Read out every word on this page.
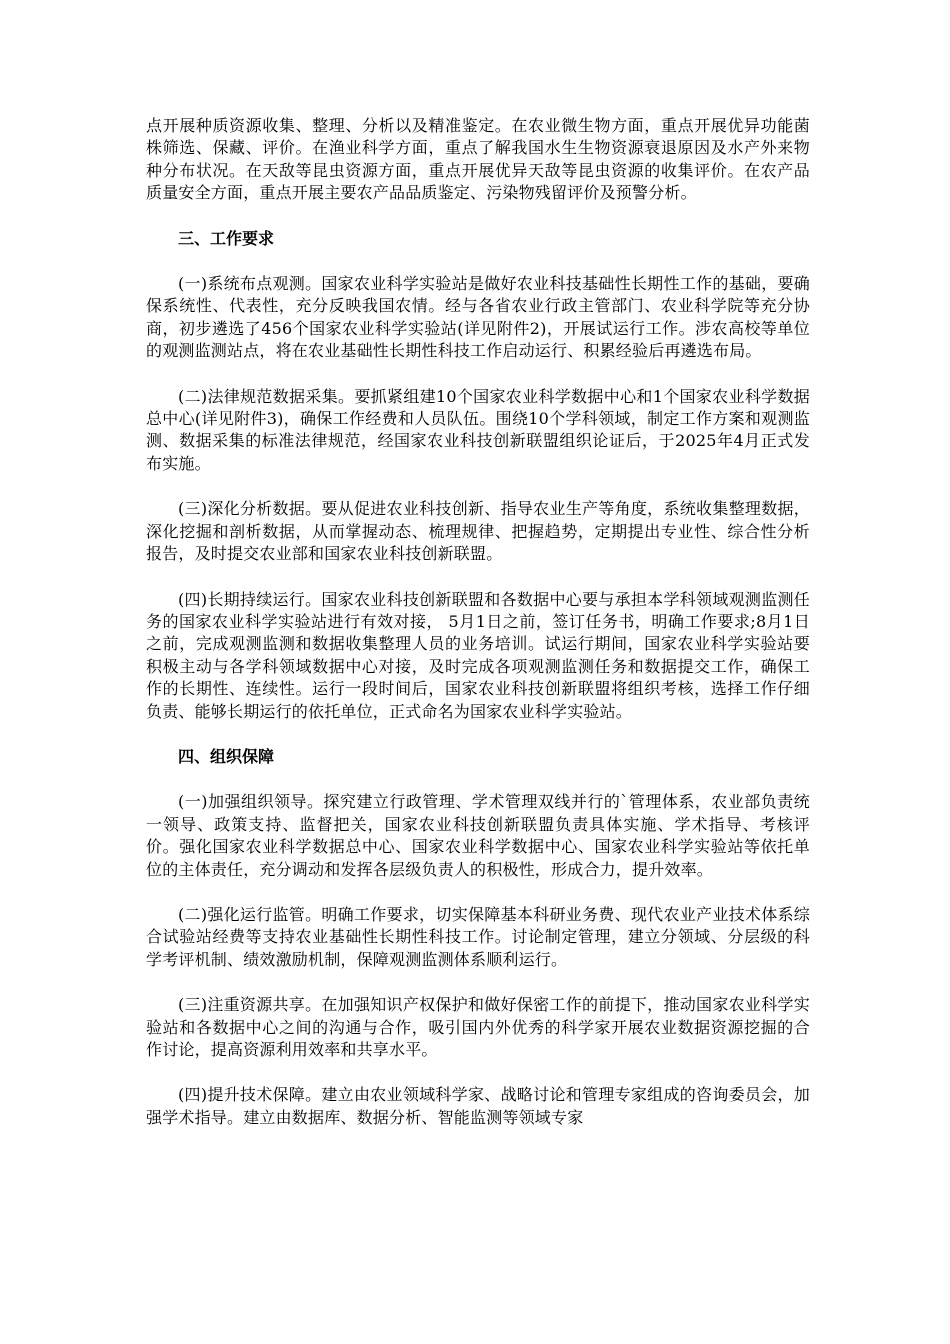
点开展种质资源收集、整理、分析以及精准鉴定。在农业微生物方面，重点开展优异功能菌株筛选、保藏、评价。在渔业科学方面，重点了解我国水生生物资源衰退原因及水产外来物种分布状况。在天敌等昆虫资源方面，重点开展优异天敌等昆虫资源的收集评价。在农产品质量安全方面，重点开展主要农产品品质鉴定、污染物残留评价及预警分析。

三、工作要求

(一)系统布点观测。国家农业科学实验站是做好农业科技基础性长期性工作的基础，要确保系统性、代表性，充分反映我国农情。经与各省农业行政主管部门、农业科学院等充分协商，初步遴选了456个国家农业科学实验站(详见附件2)，开展试运行工作。涉农高校等单位的观测监测站点，将在农业基础性长期性科技工作启动运行、积累经验后再遴选布局。

(二)法律规范数据采集。要抓紧组建10个国家农业科学数据中心和1个国家农业科学数据总中心(详见附件3)，确保工作经费和人员队伍。围绕10个学科领域，制定工作方案和观测监测、数据采集的标准法律规范，经国家农业科技创新联盟组织论证后，于2025年4月正式发布实施。

(三)深化分析数据。要从促进农业科技创新、指导农业生产等角度，系统收集整理数据，深化挖掘和剖析数据，从而掌握动态、梳理规律、把握趋势，定期提出专业性、综合性分析报告，及时提交农业部和国家农业科技创新联盟。

(四)长期持续运行。国家农业科技创新联盟和各数据中心要与承担本学科领域观测监测任务的国家农业科学实验站进行有效对接， 5月1日之前，签订任务书，明确工作要求;8月1日之前，完成观测监测和数据收集整理人员的业务培训。试运行期间，国家农业科学实验站要积极主动与各学科领域数据中心对接，及时完成各项观测监测任务和数据提交工作，确保工作的长期性、连续性。运行一段时间后，国家农业科技创新联盟将组织考核，选择工作仔细负责、能够长期运行的依托单位，正式命名为国家农业科学实验站。

四、组织保障

(一)加强组织领导。探究建立行政管理、学术管理双线并行的`管理体系，农业部负责统一领导、政策支持、监督把关，国家农业科技创新联盟负责具体实施、学术指导、考核评价。强化国家农业科学数据总中心、国家农业科学数据中心、国家农业科学实验站等依托单位的主体责任，充分调动和发挥各层级负责人的积极性，形成合力，提升效率。

(二)强化运行监管。明确工作要求，切实保障基本科研业务费、现代农业产业技术体系综合试验站经费等支持农业基础性长期性科技工作。讨论制定管理，建立分领域、分层级的科学考评机制、绩效激励机制，保障观测监测体系顺利运行。

(三)注重资源共享。在加强知识产权保护和做好保密工作的前提下，推动国家农业科学实验站和各数据中心之间的沟通与合作，吸引国内外优秀的科学家开展农业数据资源挖掘的合作讨论，提高资源利用效率和共享水平。

(四)提升技术保障。建立由农业领域科学家、战略讨论和管理专家组成的咨询委员会，加强学术指导。建立由数据库、数据分析、智能监测等领域专家
